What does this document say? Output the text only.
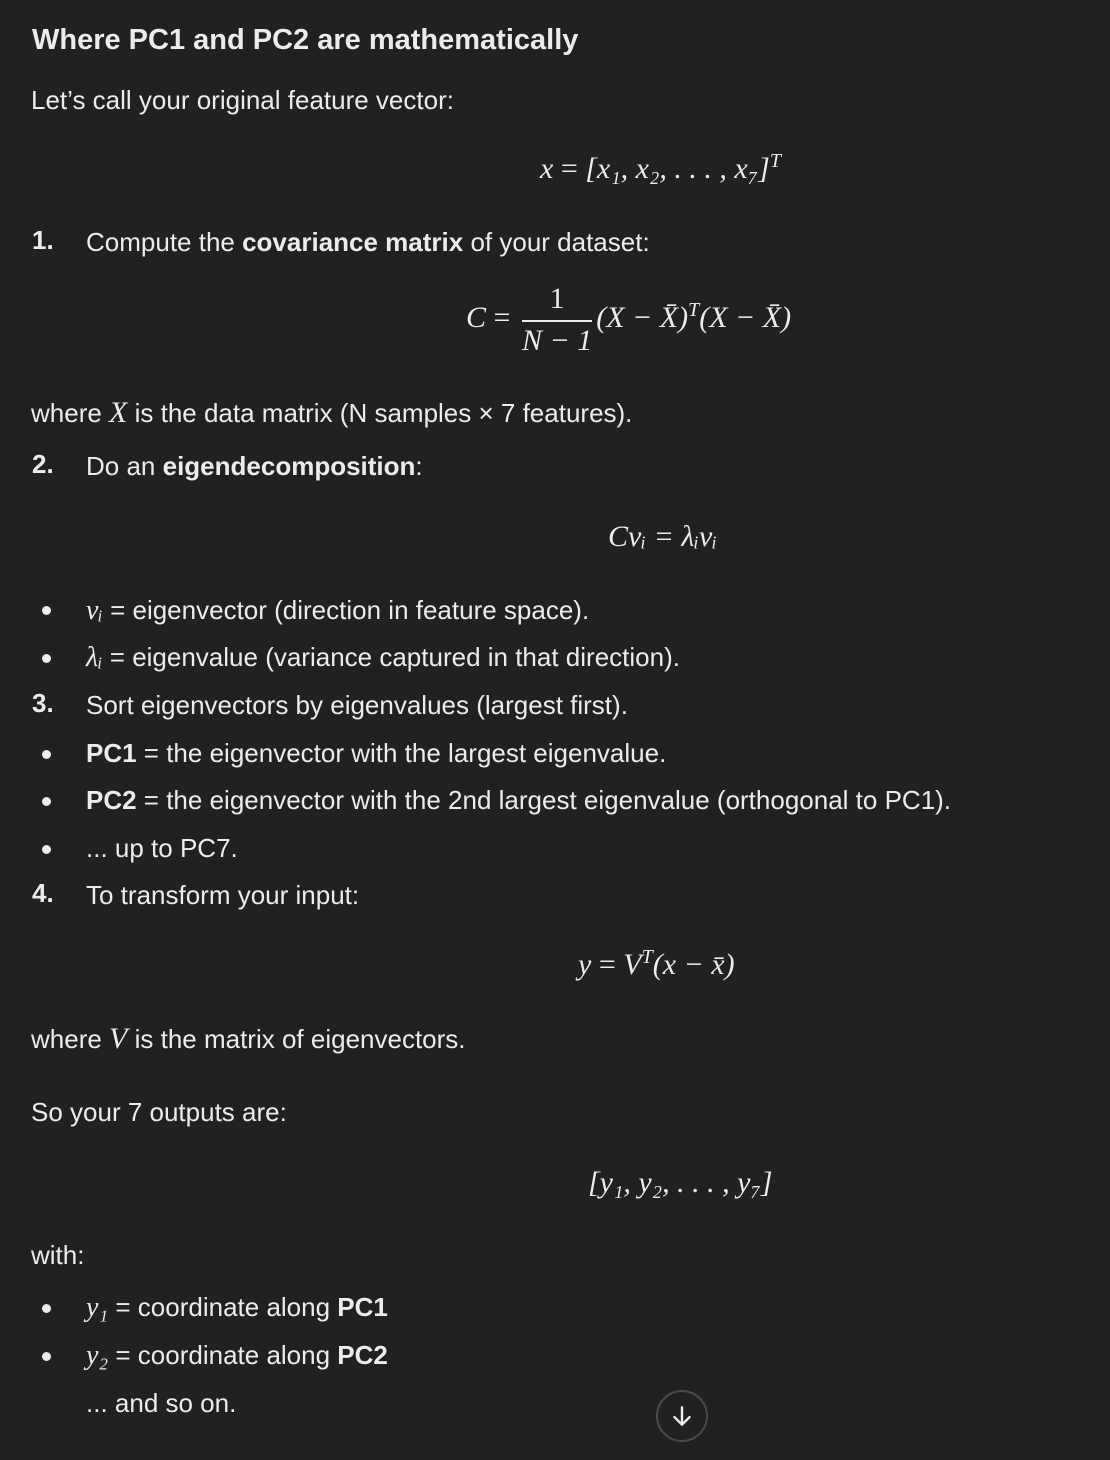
Where PC1 and PC2 are mathematically
Let’s call your original feature vector:
x = [x₁, x₂, . . . , x₇]$^T$
1. Compute the covariance matrix of your dataset:
$C = \frac{1}{N - 1} (X$ − X̄)$^T$(X − X̄)
where X is the data matrix (N samples × 7 features).
2. Do an eigendecomposition:
Cvᵢ = λᵢvᵢ
vᵢ = eigenvector (direction in feature space).
λᵢ = eigenvalue (variance captured in that direction).
3. Sort eigenvectors by eigenvalues (largest first).
PC1 = the eigenvector with the largest eigenvalue.
PC2 = the eigenvector with the 2nd largest eigenvalue (orthogonal to PC1).
... up to PC7.
4. To transform your input:
$y = V^T(x$ − x̄)
where V is the matrix of eigenvectors.
So your 7 outputs are:
[y₁, y₂, . . . , y₇]
with:
y₁ = coordinate along PC1
y₂ = coordinate along PC2
... and so on.
